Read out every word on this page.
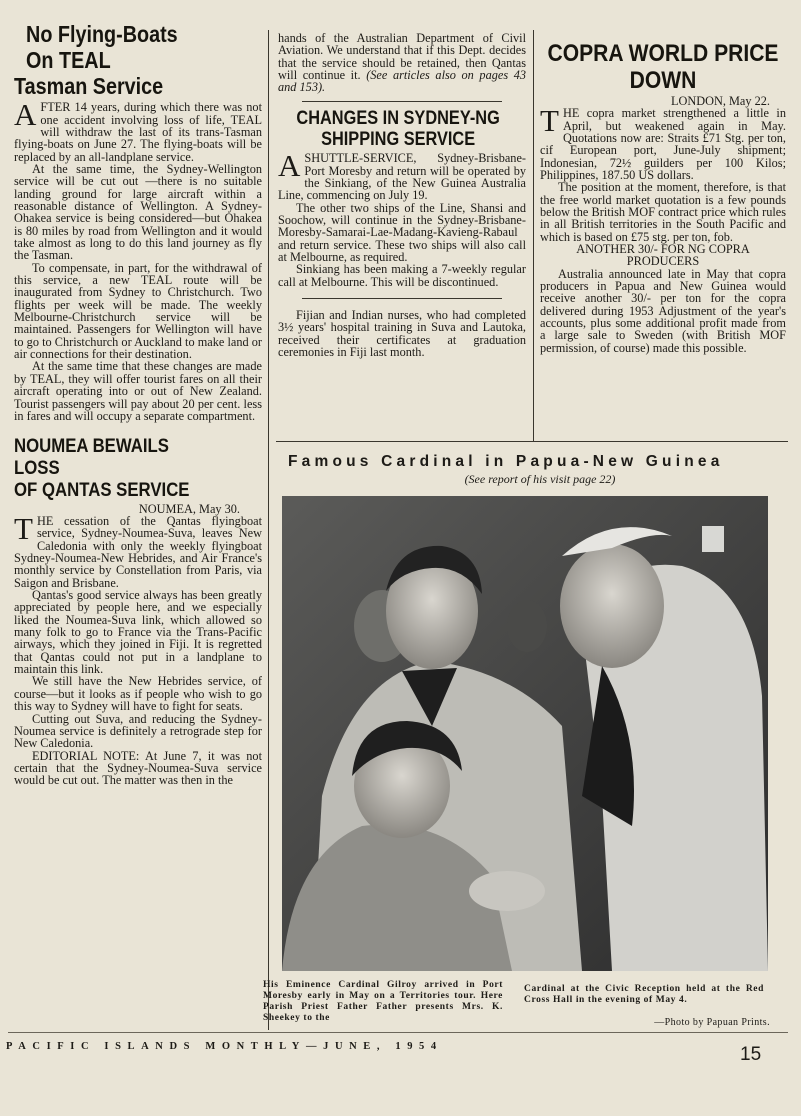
No Flying-Boats
On TEAL
Tasman Service

AFTER 14 years, during which there was not one accident involving loss of life, TEAL will withdraw the last of its trans-Tasman flying-boats on June 27. The flying-boats will be replaced by an all-landplane service.

At the same time, the Sydney-Wellington service will be cut out —there is no suitable landing ground for large aircraft within a reasonable distance of Wellington. A Sydney-Ohakea service is being considered—but Ohakea is 80 miles by road from Wellington and it would take almost as long to do this land journey as fly the Tasman.

To compensate, in part, for the withdrawal of this service, a new TEAL route will be inaugurated from Sydney to Christchurch. Two flights per week will be made. The weekly Melbourne-Christchurch service will be maintained. Passengers for Wellington will have to go to Christchurch or Auckland to make land or air connections for their destination.

At the same time that these changes are made by TEAL, they will offer tourist fares on all their aircraft operating into or out of New Zealand. Tourist passengers will pay about 20 per cent. less in fares and will occupy a separate compartment.

NOUMEA BEWAILS
LOSS
OF QANTAS SERVICE

NOUMEA, May 30.

THE cessation of the Qantas flyingboat service, Sydney-Noumea-Suva, leaves New Caledonia with only the weekly flyingboat Sydney-Noumea-New Hebrides, and Air France's monthly service by Constellation from Paris, via Saigon and Brisbane.

Qantas's good service always has been greatly appreciated by people here, and we especially liked the Noumea-Suva link, which allowed so many folk to go to France via the Trans-Pacific airways, which they joined in Fiji. It is regretted that Qantas could not put in a landplane to maintain this link.

We still have the New Hebrides service, of course—but it looks as if people who wish to go this way to Sydney will have to fight for seats.

Cutting out Suva, and reducing the Sydney-Noumea service is definitely a retrograde step for New Caledonia.

EDITORIAL NOTE: At June 7, it was not certain that the Sydney-Noumea-Suva service would be cut out. The matter was then in the

hands of the Australian Department of Civil Aviation. We understand that if this Dept. decides that the service should be retained, then Qantas will continue it. (See articles also on pages 43 and 153).

CHANGES IN SYDNEY-NG
SHIPPING SERVICE

ASHUTTLE-SERVICE, Sydney-Brisbane-Port Moresby and return will be operated by the Sinkiang, of the New Guinea Australia Line, commencing on July 19.

The other two ships of the Line, Shansi and Soochow, will continue in the Sydney-Brisbane-Moresby-Samarai-Lae-Madang-Kavieng-Rabaul and return service. These two ships will also call at Melbourne, as required.

Sinkiang has been making a 7-weekly regular call at Melbourne. This will be discontinued.

Fijian and Indian nurses, who had completed 3½ years' hospital training in Suva and Lautoka, received their certificates at graduation ceremonies in Fiji last month.

COPRA WORLD PRICE
DOWN

LONDON, May 22.

THE copra market strengthened a little in April, but weakened again in May. Quotations now are: Straits £71 Stg. per ton, cif European port, June-July shipment; Indonesian, 72½ guilders per 100 Kilos; Philippines, 187.50 US dollars.

The position at the moment, therefore, is that the free world market quotation is a few pounds below the British MOF contract price which rules in all British territories in the South Pacific and which is based on £75 stg. per ton, fob.

ANOTHER 30/- FOR NG COPRA PRODUCERS

Australia announced late in May that copra producers in Papua and New Guinea would receive another 30/- per ton for the copra delivered during 1953 Adjustment of the year's accounts, plus some additional profit made from a large sale to Sweden (with British MOF permission, of course) made this possible.

Famous Cardinal in Papua-New Guinea
(See report of his visit page 22)
His Eminence Cardinal Gilroy arrived in Port Moresby early in May on a Territories tour. Here Parish Priest Father Father presents Mrs. K. Sheekey to the
Cardinal at the Civic Reception held at the Red Cross Hall in the evening of May 4.
—Photo by Papuan Prints.
PACIFIC ISLANDS MONTHLY—JUNE, 1954	15
